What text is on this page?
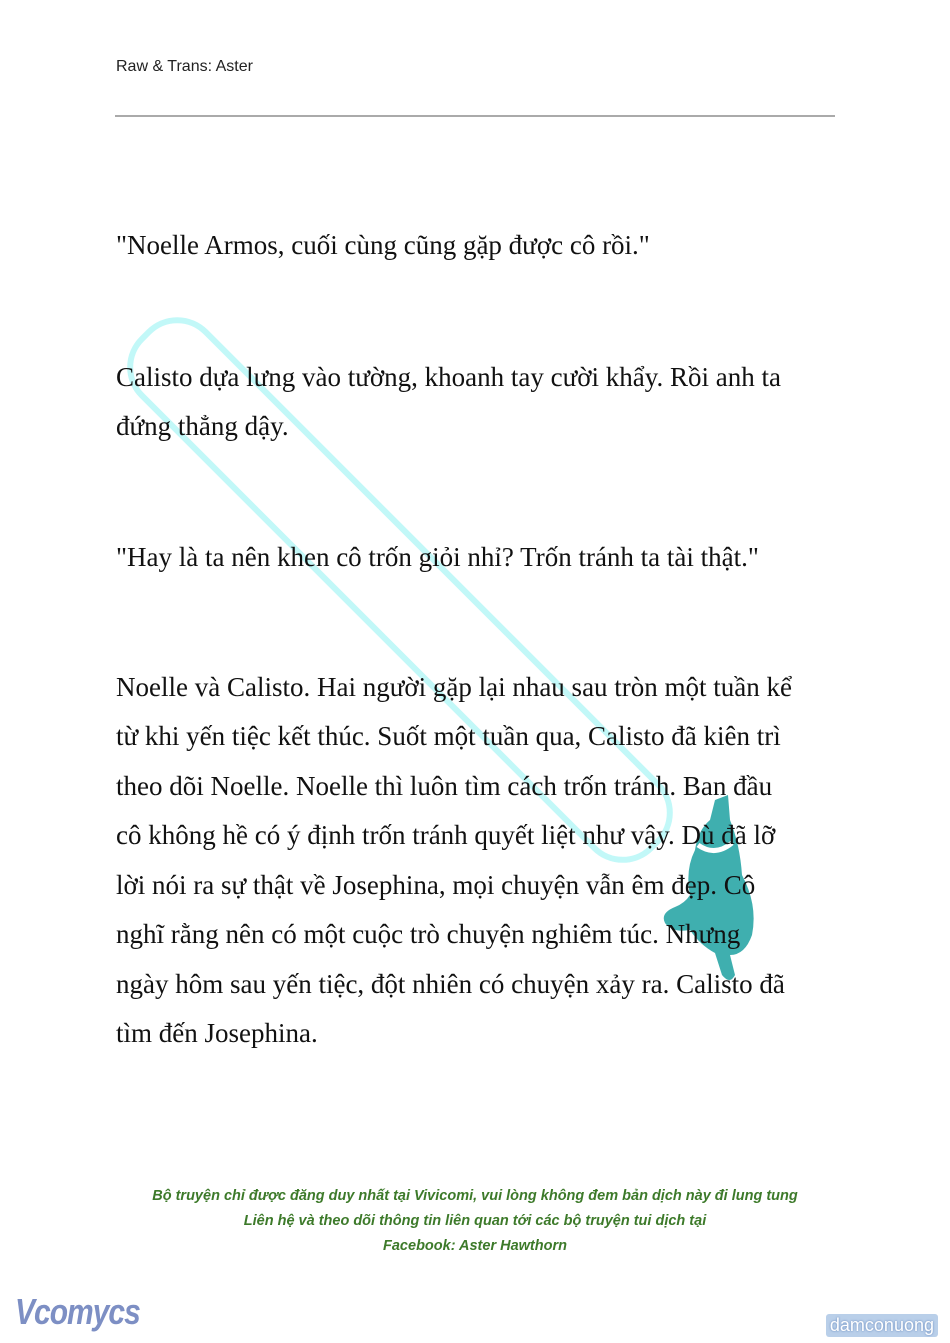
Raw & Trans: Aster
"Noelle Armos, cuối cùng cũng gặp được cô rồi."
Calisto dựa lưng vào tường, khoanh tay cười khẩy. Rồi anh ta
đứng thẳng dậy.
"Hay là ta nên khen cô trốn giỏi nhỉ? Trốn tránh ta tài thật."
Noelle và Calisto. Hai người gặp lại nhau sau tròn một tuần kể
từ khi yến tiệc kết thúc. Suốt một tuần qua, Calisto đã kiên trì
theo dõi Noelle. Noelle thì luôn tìm cách trốn tránh. Ban đầu
cô không hề có ý định trốn tránh quyết liệt như vậy. Dù đã lỡ
lời nói ra sự thật về Josephina, mọi chuyện vẫn êm đẹp. Cô
nghĩ rằng nên có một cuộc trò chuyện nghiêm túc. Nhưng
ngày hôm sau yến tiệc, đột nhiên có chuyện xảy ra. Calisto đã
tìm đến Josephina.
Bộ truyện chỉ được đăng duy nhất tại Vivicomi, vui lòng không đem bản dịch này đi lung tung
Liên hệ và theo dõi thông tin liên quan tới các bộ truyện tui dịch tại
Facebook: Aster Hawthorn
Vcomycs	damconuong
